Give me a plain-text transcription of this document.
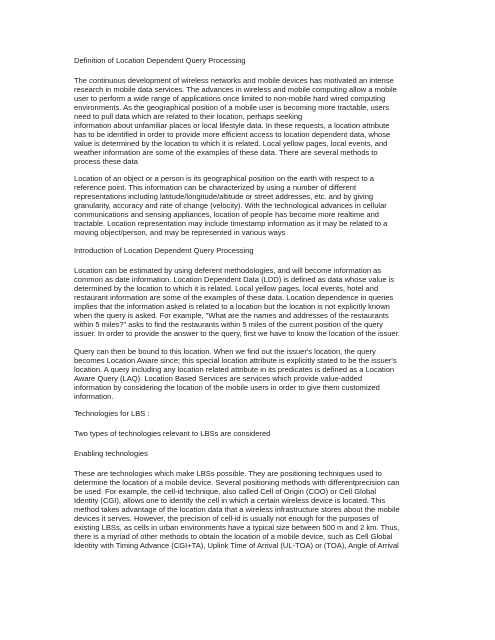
Definition of Location Dependent Query Processing
The continuous development of wireless networks and mobile devices has motivated an intense
research in mobile data services. The advances in wireless and mobile computing allow a mobile
user to perform a wide range of applications once limited to non-mobile hard wired computing
environments. As the geographical position of a mobile user is becoming more tractable, users
need to pull data which are related to their location, perhaps seeking
information about unfamiliar places or local lifestyle data. In these requests, a location attribute
has to be identified in order to provide more efficient access to location dependent data, whose
value is determined by the location to which it is related. Local yellow pages, local events, and
weather information are some of the examples of these data. There are several methods to
process these data
Location of an object or a person is its geographical position on the earth with respect to a
reference point. This information can be characterized by using a number of different
representations including latitude/longitude/altitude or street addresses, etc. and by giving
granularity, accuracy and rate of change (velocity). With the technological advances in cellular
communications and sensing appliances, location of people has become more realtime and
tractable. Location representation may include timestamp information as it may be related to a
moving object/person, and may be represented in various ways
Introduction of Location Dependent Query Processing
Location can be estimated by using deferent methodologies, and will become information as
common as date information. Location Dependent Data (LDD) is defined as data whose value is
determined by the location to which it is related. Local yellow pages, local events, hotel and
restaurant information are some of the examples of these data. Location dependence in queries
implies that the information asked is related to a location but the location is not explicitly known
when the query is asked. For example, "What are the names and addresses of the restaurants
within 5 miles?" asks to find the restaurants within 5 miles of the current position of the query
issuer. In order to provide the answer to the query, first we have to know the location of the issuer.
Query can then be bound to this location. When we find out the issuer's location, the query
becomes Location Aware since; this special location attribute is explicitly stated to be the issuer's
location. A query including any location related attribute in its predicates is defined as a Location
Aware Query (LAQ). Location Based Services are services which provide value-added
information by considering the location of the mobile users in order to give them customized
information.
Technologies for LBS :
Two types of technologies relevant to LBSs are considered
Enabling technologies
These are technologies which make LBSs possible. They are positioning techniques used to
determine the location of a mobile device. Several positioning methods with differentprecision can
be used. For example, the cell-id technique, also called Cell of Origin (COO) or Cell Global
Identity (CGI), allows one to identify the cell in which a certain wireless device is located. This
method takes advantage of the location data that a wireless infrastructure stores about the mobile
devices it serves. However, the precision of cell-id is usually not enough for the purposes of
existing LBSs, as cells in urban environments have a typical size between 500 m and 2 km. Thus,
there is a myriad of other methods to obtain the location of a mobile device, such as Cell Global
Identity with Timing Advance (CGI+TA), Uplink Time of Arrival (UL-TOA) or (TOA), Angle of Arrival
